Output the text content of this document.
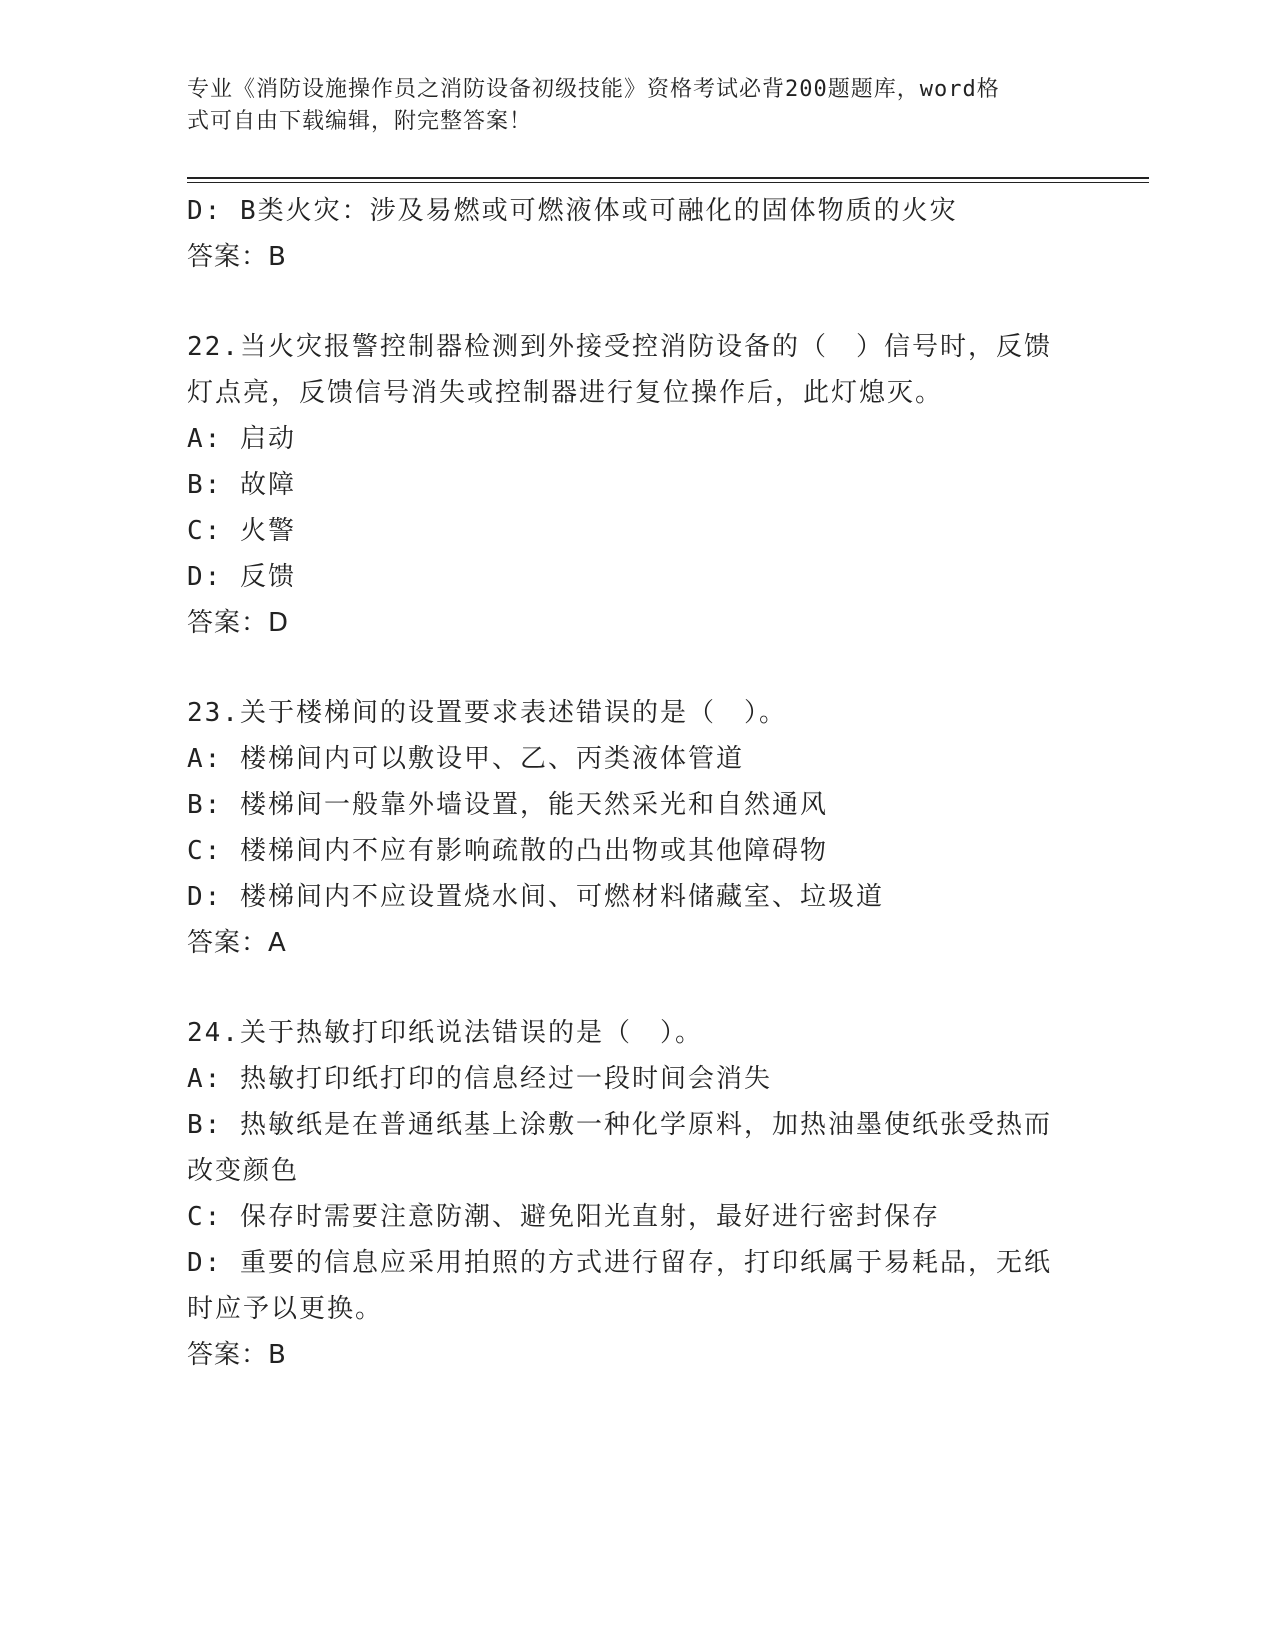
专业《消防设施操作员之消防设备初级技能》资格考试必背200题题库，word格
式可自由下载编辑，附完整答案！
D: B类火灾：涉及易燃或可燃液体或可融化的固体物质的火灾
答案：B
22.当火灾报警控制器检测到外接受控消防设备的（　）信号时，反馈
灯点亮，反馈信号消失或控制器进行复位操作后，此灯熄灭。
A: 启动
B: 故障
C: 火警
D: 反馈
答案：D
23.关于楼梯间的设置要求表述错误的是（　）。
A: 楼梯间内可以敷设甲、乙、丙类液体管道
B: 楼梯间一般靠外墙设置，能天然采光和自然通风
C: 楼梯间内不应有影响疏散的凸出物或其他障碍物
D: 楼梯间内不应设置烧水间、可燃材料储藏室、垃圾道
答案：A
24.关于热敏打印纸说法错误的是（　）。
A: 热敏打印纸打印的信息经过一段时间会消失
B: 热敏纸是在普通纸基上涂敷一种化学原料，加热油墨使纸张受热而
改变颜色
C: 保存时需要注意防潮、避免阳光直射，最好进行密封保存
D: 重要的信息应采用拍照的方式进行留存，打印纸属于易耗品，无纸
时应予以更换。
答案：B
